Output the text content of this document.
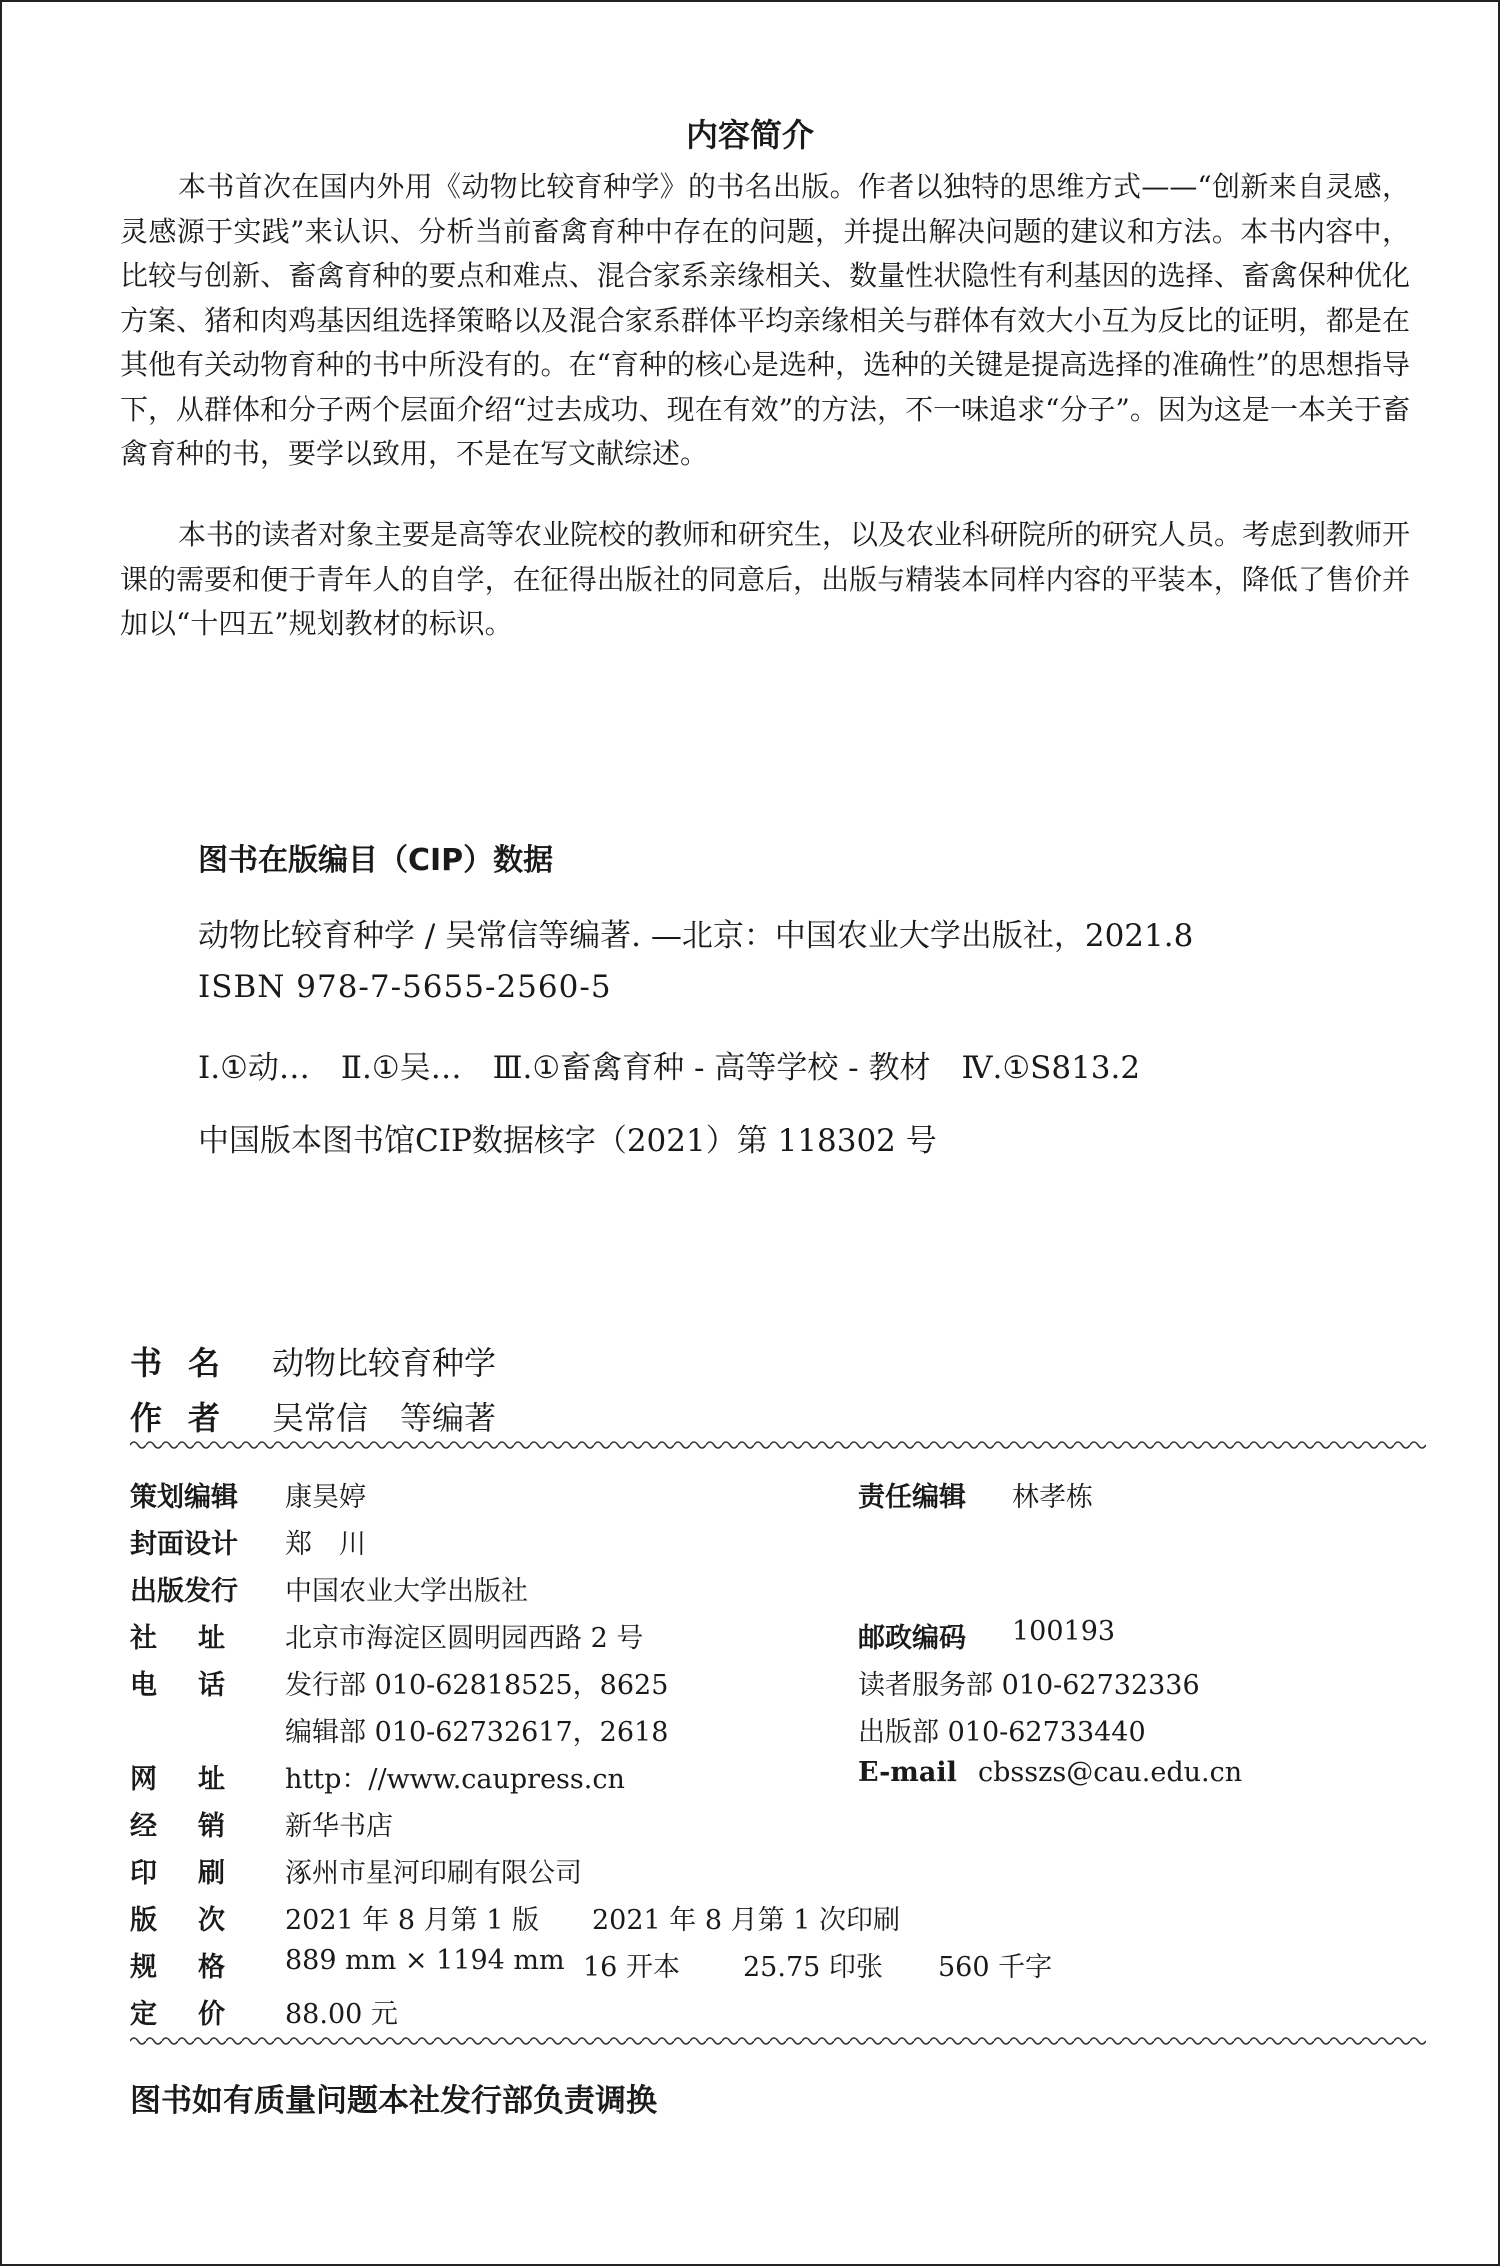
内容简介

本书首次在国内外用《动物比较育种学》的书名出版。作者以独特的思维方式——“创新来自灵感，灵感源于实践”来认识、分析当前畜禽育种中存在的问题，并提出解决问题的建议和方法。本书内容中，比较与创新、畜禽育种的要点和难点、混合家系亲缘相关、数量性状隐性有利基因的选择、畜禽保种优化方案、猪和肉鸡基因组选择策略以及混合家系群体平均亲缘相关与群体有效大小互为反比的证明，都是在其他有关动物育种的书中所没有的。在“育种的核心是选种，选种的关键是提高选择的准确性”的思想指导下，从群体和分子两个层面介绍“过去成功、现在有效”的方法，不一味追求“分子”。因为这是一本关于畜禽育种的书，要学以致用，不是在写文献综述。

本书的读者对象主要是高等农业院校的教师和研究生，以及农业科研院所的研究人员。考虑到教师开课的需要和便于青年人的自学，在征得出版社的同意后，出版与精装本同样内容的平装本，降低了售价并加以“十四五”规划教材的标识。

图书在版编目（CIP）数据
动物比较育种学 / 吴常信等编著. —北京：中国农业大学出版社，2021.8
ISBN 978-7-5655-2560-5
Ⅰ.①动…　Ⅱ.①吴…　Ⅲ.①畜禽育种 - 高等学校 - 教材　Ⅳ.①S813.2
中国版本图书馆CIP数据核字（2021）第 118302 号
书名 动物比较育种学
作者 吴常信　等编著
策划编辑 康昊婷	责任编辑 林孝栋
封面设计 郑　川
出版发行 中国农业大学出版社
社址 北京市海淀区圆明园西路 2 号	邮政编码 100193
电话 发行部 010-62818525，8625	读者服务部 010-62732336
编辑部 010-62732617，2618	出版部 010-62733440
网址 http：//www.caupress.cn	E-mail cbsszs@cau.edu.cn
经销 新华书店
印刷 涿州市星河印刷有限公司
版次 2021 年 8 月第 1 版 2021 年 8 月第 1 次印刷
规格 889 mm × 1194 mm 16 开本 25.75 印张 560 千字
定价 88.00 元
图书如有质量问题本社发行部负责调换
